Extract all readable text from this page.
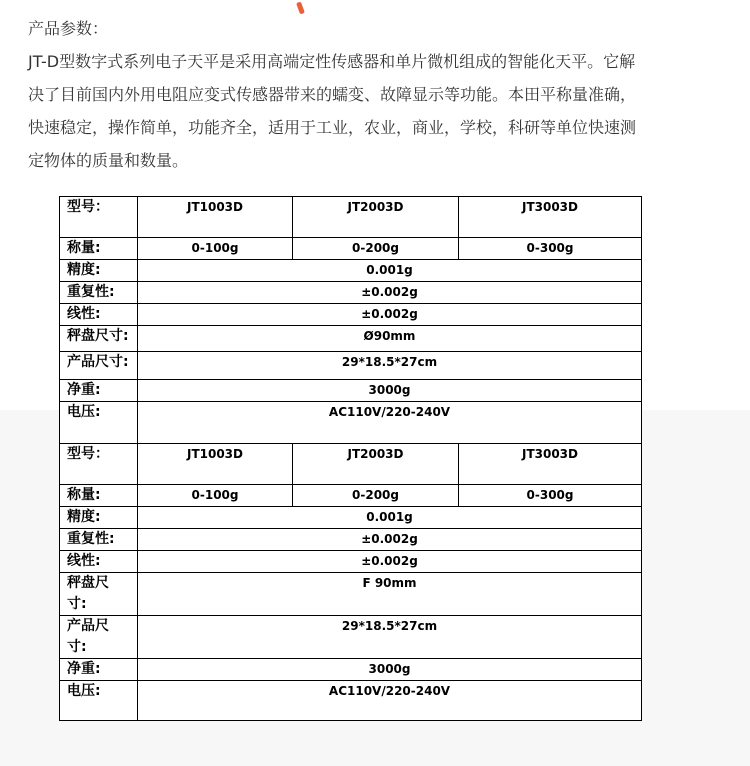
产品参数：

JT-D型数字式系列电子天平是采用高端定性传感器和单片微机组成的智能化天平。它解

决了目前国内外用电阻应变式传感器带来的蠕变、故障显示等功能。本田平称量准确，

快速稳定，操作简单，功能齐全，适用于工业，农业，商业，学校，科研等单位快速测

定物体的质量和数量。

型号：	JT1003D	JT2003D	JT3003D
称量:	0-100g	0-200g	0-300g
精度:	0.001g		
重复性:	±0.002g		
线性:	±0.002g		
秤盘尺寸:	Ø90mm		
产品尺寸:	29*18.5*27cm		
净重:	3000g		
电压:	AC110V/220-240V		
型号：	JT1003D	JT2003D	JT3003D
称量:	0-100g	0-200g	0-300g
精度:	0.001g		
重复性:	±0.002g		
线性:	±0.002g		
秤盘尺
寸:	F 90mm		
产品尺
寸:	29*18.5*27cm		
净重:	3000g		
电压:	AC110V/220-240V		
